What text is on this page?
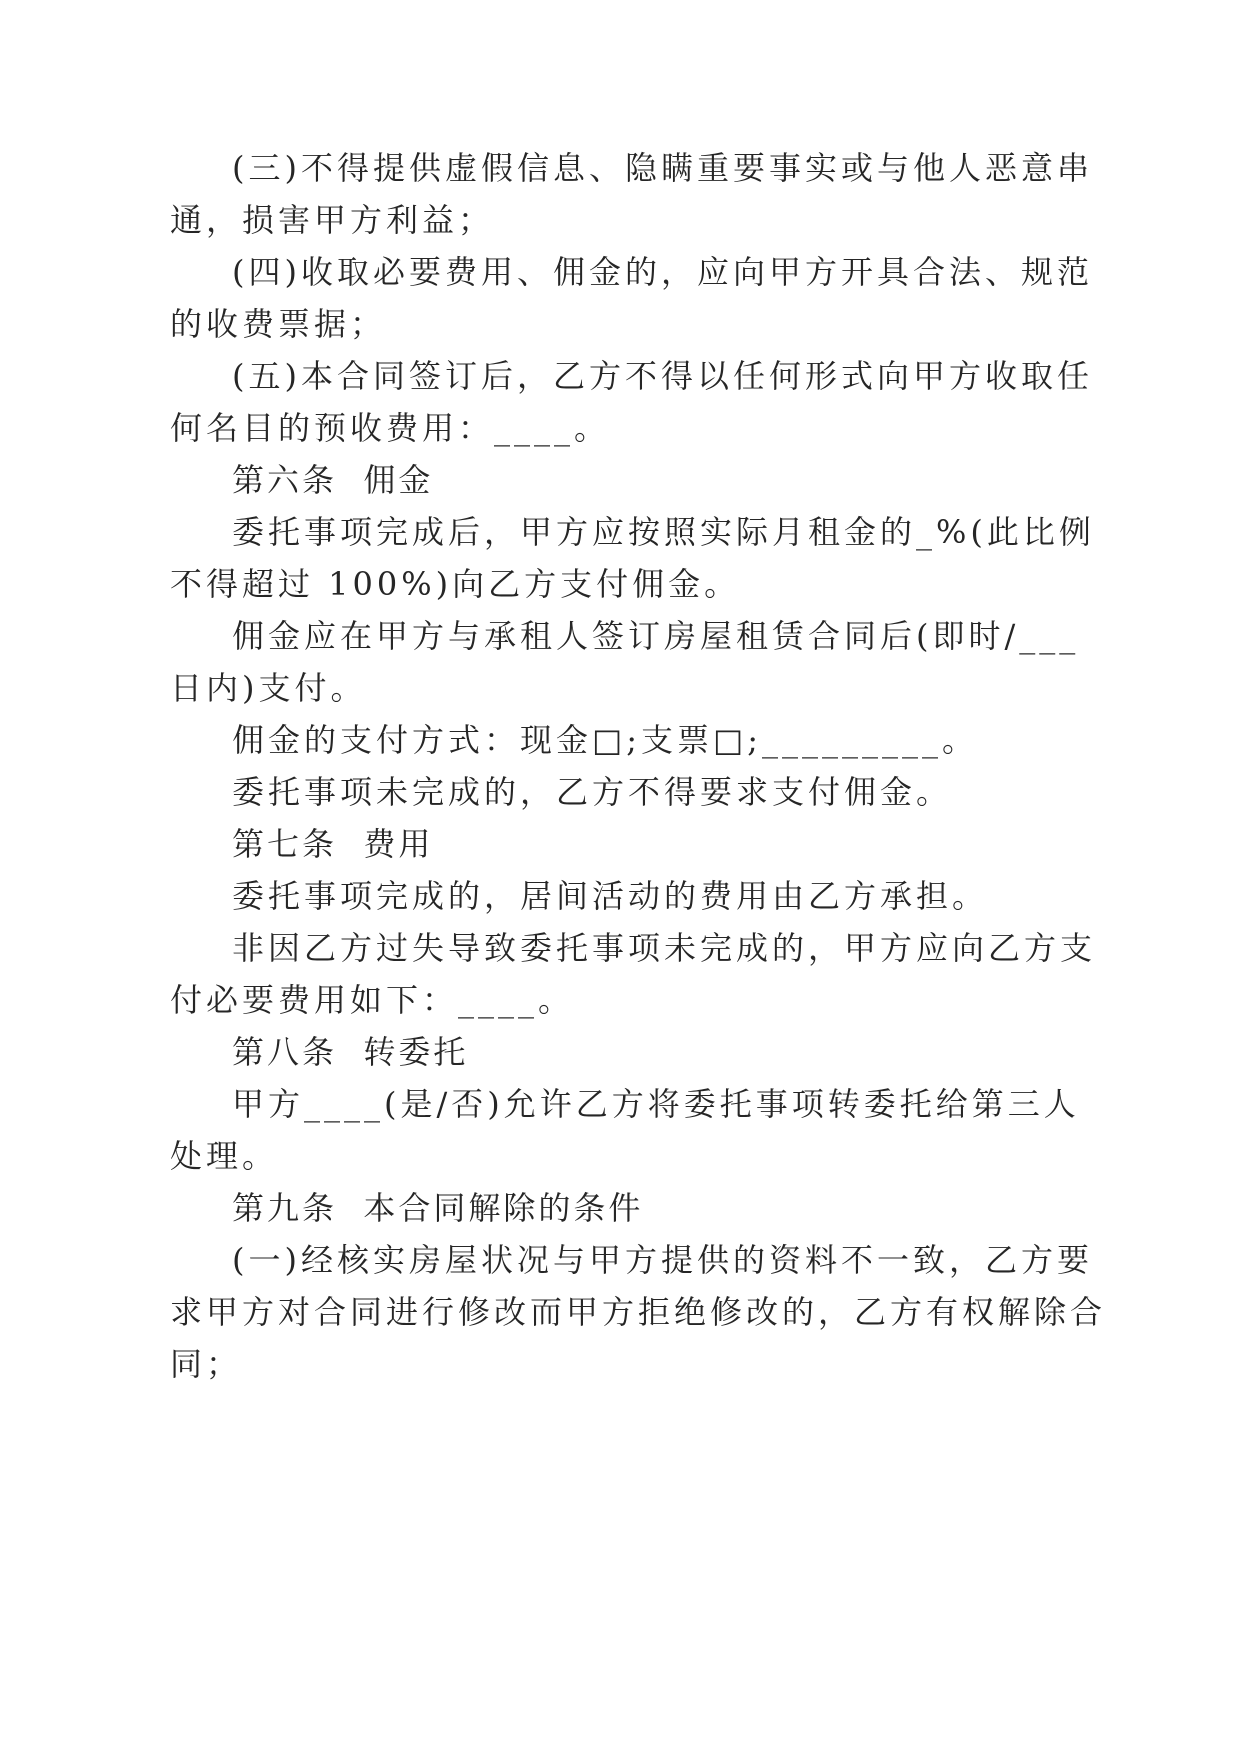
(三)不得提供虚假信息、隐瞒重要事实或与他人恶意串
通，损害甲方利益；
(四)收取必要费用、佣金的，应向甲方开具合法、规范
的收费票据；
(五)本合同签订后，乙方不得以任何形式向甲方收取任
何名目的预收费用：____。
第六条  佣金
委托事项完成后，甲方应按照实际月租金的_%(此比例
不得超过 100%)向乙方支付佣金。
佣金应在甲方与承租人签订房屋租赁合同后(即时/___
日内)支付。
佣金的支付方式：现金□;支票□;_________。
委托事项未完成的，乙方不得要求支付佣金。
第七条  费用
委托事项完成的，居间活动的费用由乙方承担。
非因乙方过失导致委托事项未完成的，甲方应向乙方支
付必要费用如下：____。
第八条  转委托
甲方____(是/否)允许乙方将委托事项转委托给第三人
处理。
第九条  本合同解除的条件
(一)经核实房屋状况与甲方提供的资料不一致，乙方要
求甲方对合同进行修改而甲方拒绝修改的，乙方有权解除合
同；
